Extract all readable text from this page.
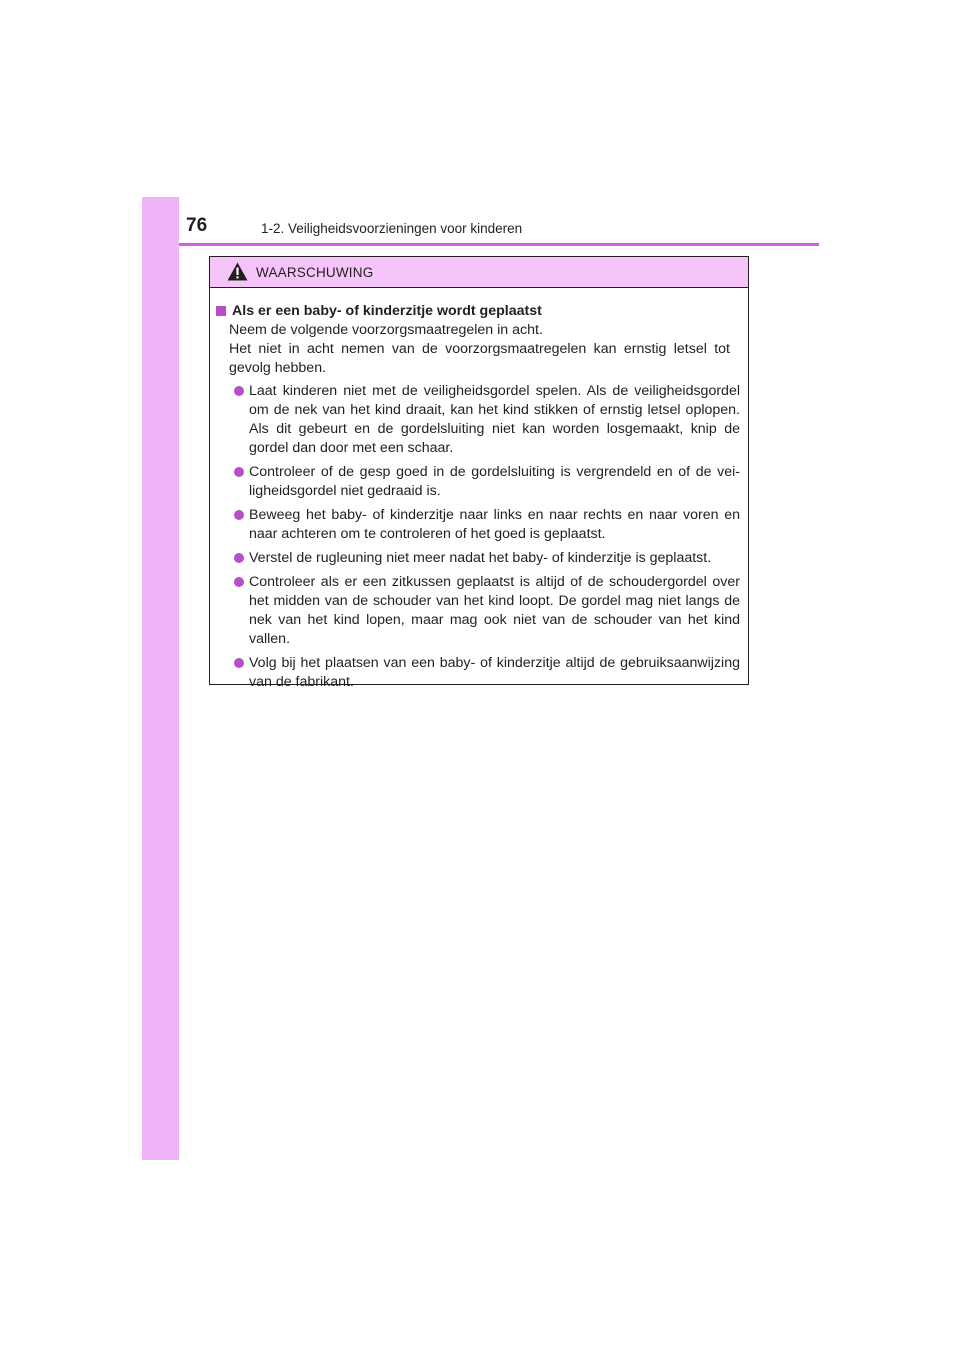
76	1-2. Veiligheidsvoorzieningen voor kinderen
WAARSCHUWING
Als er een baby- of kinderzitje wordt geplaatst

Neem de volgende voorzorgsmaatregelen in acht.

Het niet in acht nemen van de voorzorgsmaatregelen kan ernstig letsel tot gevolg hebben.

Laat kinderen niet met de veiligheidsgordel spelen. Als de veiligheidsgordel om de nek van het kind draait, kan het kind stikken of ernstig letsel oplopen. Als dit gebeurt en de gordelsluiting niet kan worden losgemaakt, knip de gordel dan door met een schaar.
Controleer of de gesp goed in de gordelsluiting is vergrendeld en of de veiligheidsgordel niet gedraaid is.
Beweeg het baby- of kinderzitje naar links en naar rechts en naar voren en naar achteren om te controleren of het goed is geplaatst.
Verstel de rugleuning niet meer nadat het baby- of kinderzitje is geplaatst.
Controleer als er een zitkussen geplaatst is altijd of de schoudergordel over het midden van de schouder van het kind loopt. De gordel mag niet langs de nek van het kind lopen, maar mag ook niet van de schouder van het kind vallen.
Volg bij het plaatsen van een baby- of kinderzitje altijd de gebruiksaanwijzing van de fabrikant.
